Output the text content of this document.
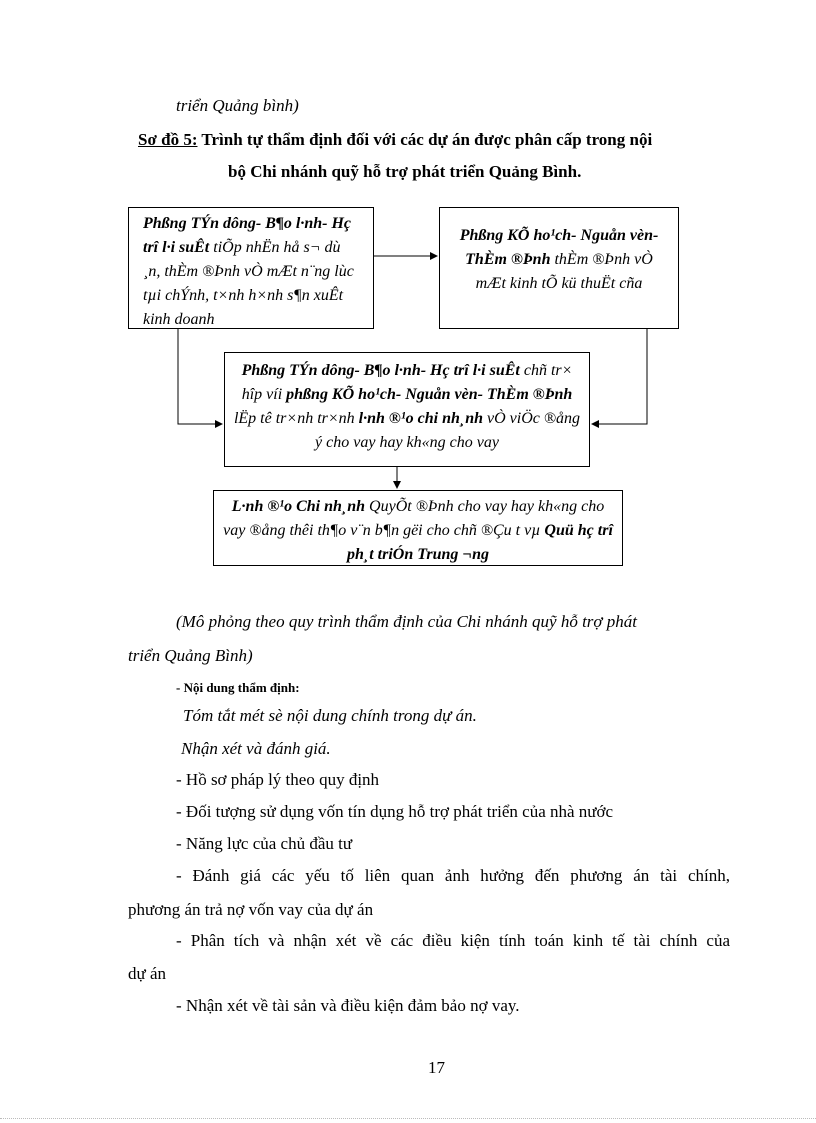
triển Quảng bình)
Sơ đồ 5: Trình tự thẩm định đối với các dự án được phân cấp trong nội
bộ Chi nhánh quỹ hỗ trợ phát triển Quảng Bình.
Phßng TÝn dông- B¶o l·nh- Hç trî l·i suÊt tiÕp nhËn hå s¬ dù ¸n, thÈm ®Þnh vÒ mÆt n¨ng lùc tµi chÝnh, t×nh h×nh s¶n xuÊt kinh doanh
Phßng KÕ ho¹ch- Nguån vèn- ThÈm ®Þnh thÈm ®Þnh vÒ mÆt kinh tÕ kü thuËt cña
Phßng TÝn dông- B¶o l·nh- Hç trî l·i suÊt chñ tr× hîp víi phßng KÕ ho¹ch- Nguån vèn- ThÈm ®Þnh lËp tê tr×nh tr×nh l·nh ®¹o chi nh¸nh vÒ viÖc ®ång ý cho vay hay kh«ng cho vay
L·nh ®¹o Chi nh¸nh QuyÕt ®Þnh cho vay hay kh«ng cho vay ®ång thêi th¶o v¨n b¶n gëi cho chñ ®Çu t vµ Quü hç trî ph¸t triÓn Trung ¬ng
(Mô phỏng theo quy trình thẩm định của Chi nhánh quỹ hỗ trợ phát
triển Quảng Bình)
- Nội dung thẩm định:
Tóm tắt mét sè nội dung chính trong dự án.
Nhận xét và đánh giá.
- Hồ sơ pháp lý theo quy định
- Đối tượng sử dụng vốn tín dụng hỗ trợ phát triển của nhà nước
- Năng lực của chủ đầu tư
- Đánh giá các yếu tố liên quan ảnh hưởng đến phương án tài chính,
phương án trả nợ vốn vay của dự án
- Phân tích và nhận xét về các điều kiện tính toán kinh tế tài chính của
dự án
- Nhận xét về tài sản và điều kiện đảm bảo nợ vay.
17
